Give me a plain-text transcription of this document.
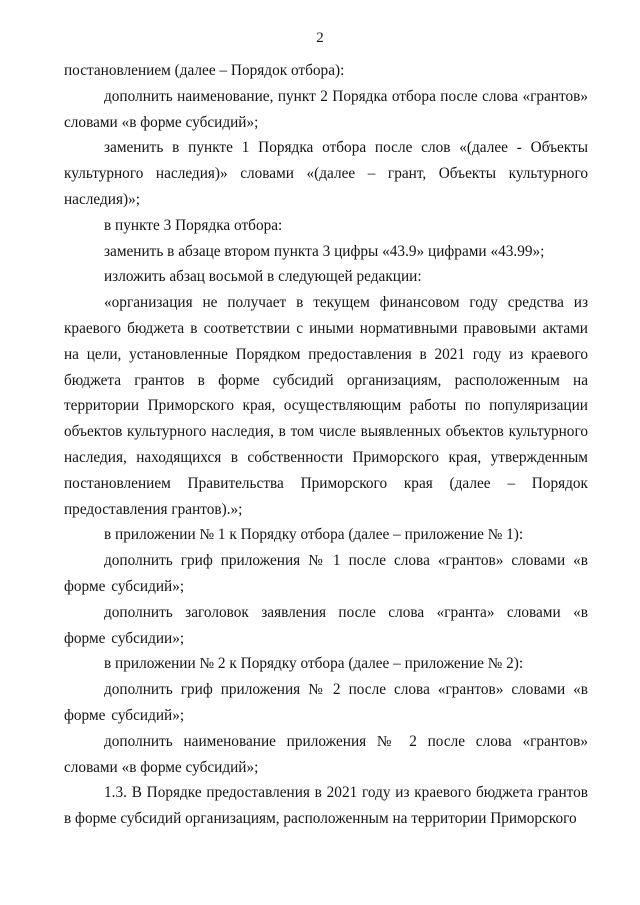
2

постановлением (далее – Порядок отбора):

дополнить наименование, пункт 2 Порядка отбора после слова «грантов» словами «в форме субсидий»;

заменить в пункте 1 Порядка отбора после слов «(далее - Объекты культурного наследия)» словами «(далее – грант, Объекты культурного наследия)»;

в пункте 3 Порядка отбора:

заменить в абзаце втором пункта 3 цифры «43.9» цифрами «43.99»;

изложить абзац восьмой в следующей редакции:

«организация не получает в текущем финансовом году средства из краевого бюджета в соответствии с иными нормативными правовыми актами на цели, установленные Порядком предоставления в 2021 году из краевого бюджета грантов в форме субсидий организациям, расположенным на территории Приморского края, осуществляющим работы по популяризации объектов культурного наследия, в том числе выявленных объектов культурного наследия, находящихся в собственности Приморского края, утвержденным постановлением Правительства Приморского края (далее – Порядок предоставления грантов).»;

в приложении № 1 к Порядку отбора (далее – приложение № 1):

дополнить гриф приложения № 1 после слова «грантов» словами «в форме субсидий»;

дополнить заголовок заявления после слова «гранта» словами «в форме субсидии»;

в приложении № 2 к Порядку отбора (далее – приложение № 2):

дополнить гриф приложения № 2 после слова «грантов» словами «в форме субсидий»;

дополнить наименование приложения № 2 после слова «грантов» словами «в форме субсидий»;

1.3. В Порядке предоставления в 2021 году из краевого бюджета грантов в форме субсидий организациям, расположенным на территории Приморского
